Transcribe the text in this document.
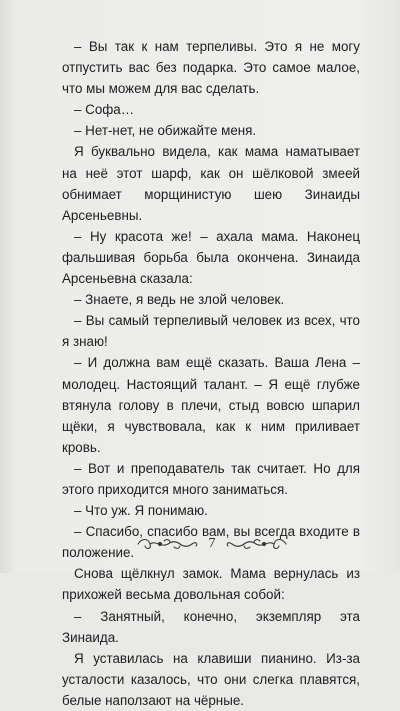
– Вы так к нам терпеливы. Это я не могу отпустить вас без подарка. Это самое малое, что мы можем для вас сделать.

– Софа…

– Нет-нет, не обижайте меня.

Я буквально видела, как мама наматывает на неё этот шарф, как он шёлковой змеей обнимает морщинистую шею Зинаиды Арсеньевны.

– Ну красота же! – ахала мама. Наконец фальшивая борьба была окончена. Зинаида Арсеньевна сказала:

– Знаете, я ведь не злой человек.

– Вы самый терпеливый человек из всех, что я знаю!

– И должна вам ещё сказать. Ваша Лена – молодец. Настоящий талант. – Я ещё глубже втянула голову в плечи, стыд вовсю шпарил щёки, я чувствовала, как к ним приливает кровь.

– Вот и преподаватель так считает. Но для этого приходится много заниматься.

– Что уж. Я понимаю.

– Спасибо, спасибо вам, вы всегда входите в положение.

Снова щёлкнул замок. Мама вернулась из прихожей весьма довольная собой:

– Занятный, конечно, экземпляр эта Зинаида.

Я уставилась на клавиши пианино. Из-за усталости казалось, что они слегка плавятся, белые наползают на чёрные.

7
